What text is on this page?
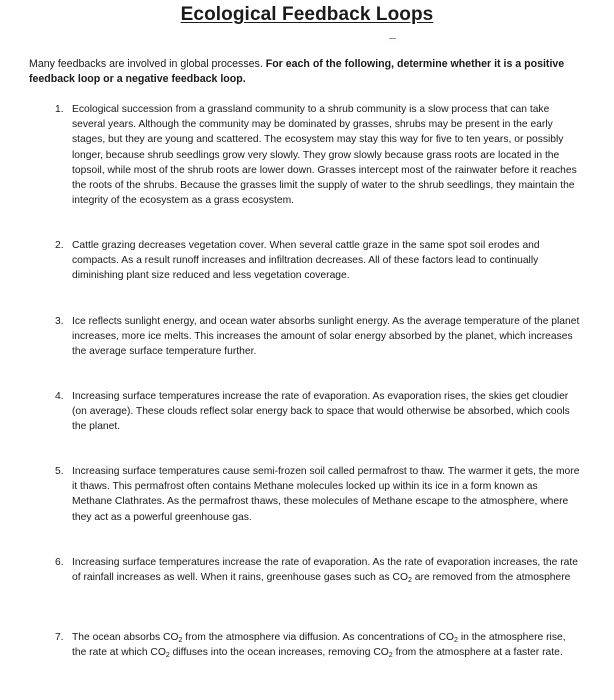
Ecological Feedback Loops
Many feedbacks are involved in global processes. For each of the following, determine whether it is a positive feedback loop or a negative feedback loop.
1. Ecological succession from a grassland community to a shrub community is a slow process that can take several years. Although the community may be dominated by grasses, shrubs may be present in the early stages, but they are young and scattered. The ecosystem may stay this way for five to ten years, or possibly longer, because shrub seedlings grow very slowly. They grow slowly because grass roots are located in the topsoil, while most of the shrub roots are lower down. Grasses intercept most of the rainwater before it reaches the roots of the shrubs. Because the grasses limit the supply of water to the shrub seedlings, they maintain the integrity of the ecosystem as a grass ecosystem.
2. Cattle grazing decreases vegetation cover. When several cattle graze in the same spot soil erodes and compacts. As a result runoff increases and infiltration decreases. All of these factors lead to continually diminishing plant size reduced and less vegetation coverage.
3. Ice reflects sunlight energy, and ocean water absorbs sunlight energy. As the average temperature of the planet increases, more ice melts. This increases the amount of solar energy absorbed by the planet, which increases the average surface temperature further.
4. Increasing surface temperatures increase the rate of evaporation. As evaporation rises, the skies get cloudier (on average). These clouds reflect solar energy back to space that would otherwise be absorbed, which cools the planet.
5. Increasing surface temperatures cause semi-frozen soil called permafrost to thaw. The warmer it gets, the more it thaws. This permafrost often contains Methane molecules locked up within its ice in a form known as Methane Clathrates. As the permafrost thaws, these molecules of Methane escape to the atmosphere, where they act as a powerful greenhouse gas.
6. Increasing surface temperatures increase the rate of evaporation. As the rate of evaporation increases, the rate of rainfall increases as well. When it rains, greenhouse gases such as $CO_2$ are removed from the atmosphere
7. The ocean absorbs $CO_2$ from the atmosphere via diffusion. As concentrations of $CO_2$ in the atmosphere rise, the rate at which $CO_2$ diffuses into the ocean increases, removing $CO_2$ from the atmosphere at a faster rate.
